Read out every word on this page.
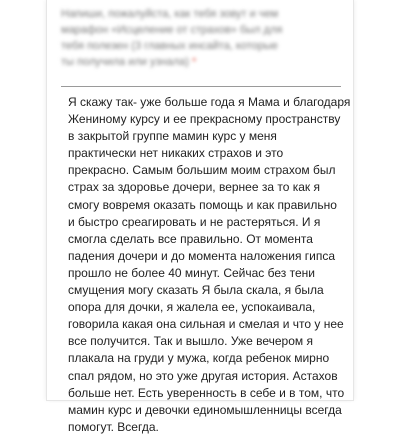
Напиши, пожалуйста, как тебя зовут и чем
марафон «Исцеление от страхов» был для
тебя полезен (3 главных инсайта, которые
ты получила или узнала) *
Я скажу так- уже больше года я Мама и благодаря
Жениному курсу и ее прекрасному пространству
в закрытой группе мамин курс у меня
практически нет никаких страхов и это
прекрасно. Самым большим моим страхом был
страх за здоровье дочери, вернее за то как я
смогу вовремя оказать помощь и как правильно
и быстро среагировать и не растеряться. И я
смогла сделать все правильно. От момента
падения дочери и до момента наложения гипса
прошло не более 40 минут. Сейчас без тени
смущения могу сказать Я была скала, я была
опора для дочки, я жалела ее, успокаивала,
говорила какая она сильная и смелая и что у нее
все получится. Так и вышло. Уже вечером я
плакала на груди у мужа, когда ребенок мирно
спал рядом, но это уже другая история. Астахов
больше нет. Есть уверенность в себе и в том, что
мамин курс и девочки единомышленницы всегда
помогут. Всегда.
